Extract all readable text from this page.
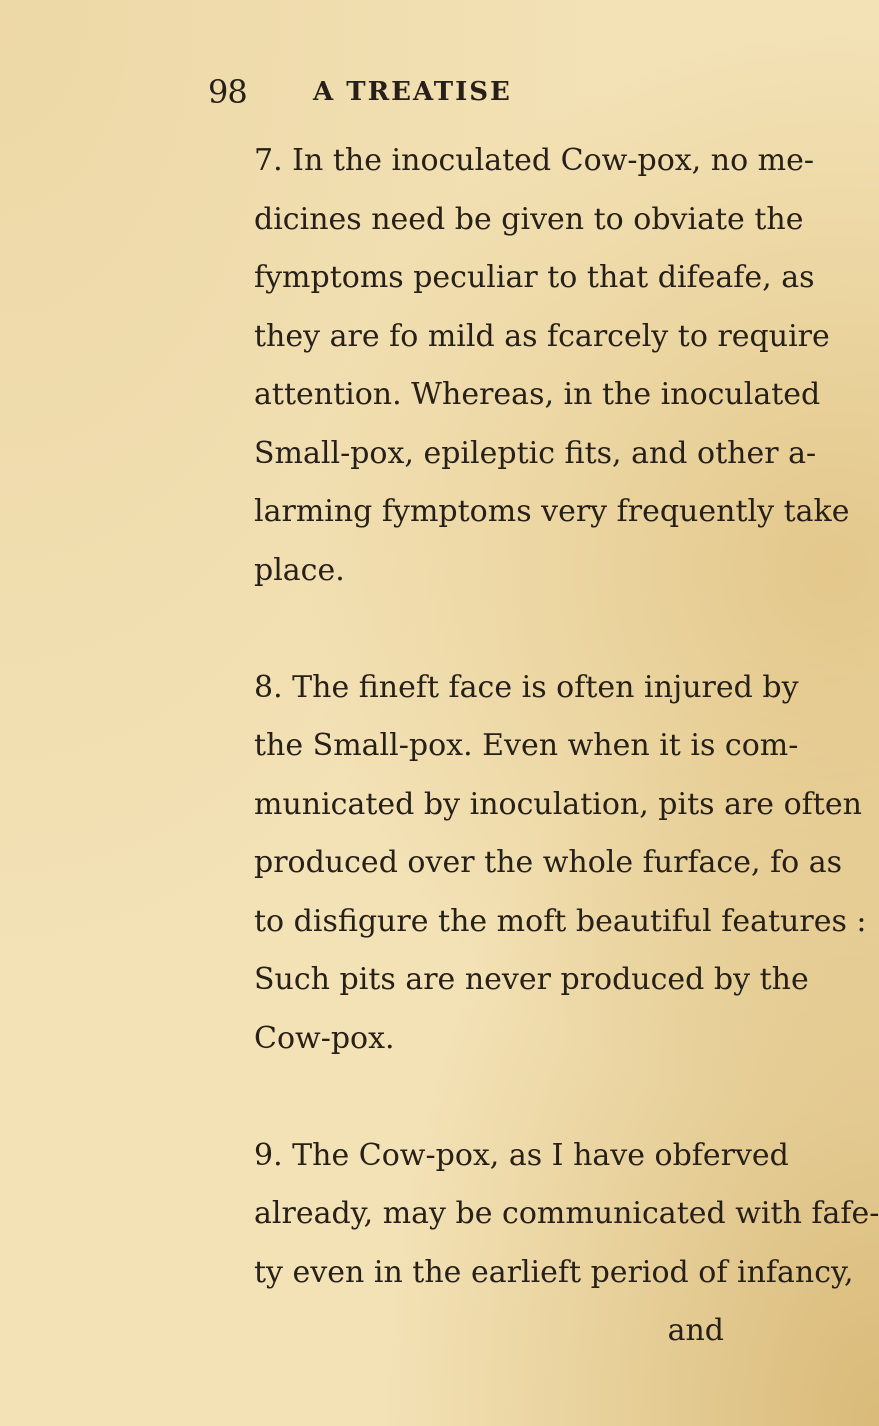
98	A TREATISE
7. In the inoculated Cow-pox, no me-
dicines need be given to obviate the
fymptoms peculiar to that difeafe, as
they are fo mild as fcarcely to require
attention. Whereas, in the inoculated
Small-pox, epileptic fits, and other a-
larming fymptoms very frequently take
place.
8. The fineft face is often injured by
the Small-pox. Even when it is com-
municated by inoculation, pits are often
produced over the whole furface, fo as
to disfigure the moft beautiful features :
Such pits are never produced by the
Cow-pox.
9. The Cow-pox, as I have obferved
already, may be communicated with fafe-
ty even in the earlieft period of infancy,
and
